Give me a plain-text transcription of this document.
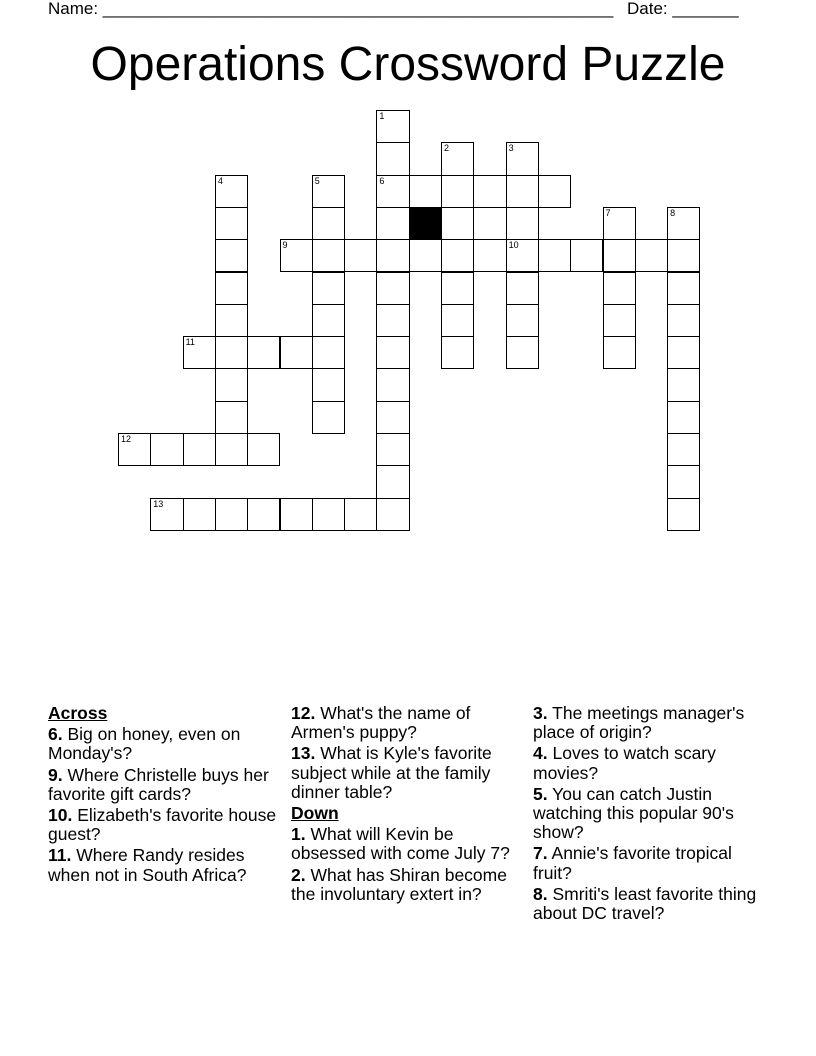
Name: ______________________________________________________ Date: _______
Operations Crossword Puzzle
1
6
2	3
10
4	5
7	8
9
11
12
13
Across
6. Big on honey, even on Monday's?
9. Where Christelle buys her favorite gift cards?
10. Elizabeth's favorite house guest?
11. Where Randy resides when not in South Africa?
12. What's the name of Armen's puppy?
13. What is Kyle's favorite subject while at the family dinner table?
Down
1. What will Kevin be obsessed with come July 7?
2. What has Shiran become the involuntary extert in?
3. The meetings manager's place of origin?
4. Loves to watch scary movies?
5. You can catch Justin watching this popular 90's show?
7. Annie's favorite tropical fruit?
8. Smriti's least favorite thing about DC travel?
